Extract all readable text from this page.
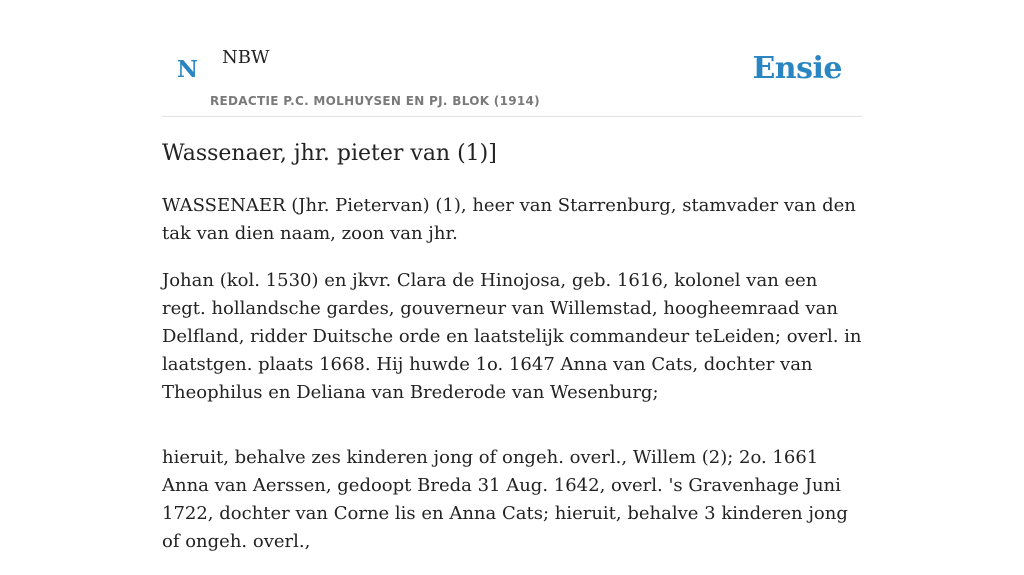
N NBW
REDACTIE P.C. MOLHUYSEN EN PJ. BLOK (1914)
Ensie
Wassenaer, jhr. pieter van (1)]

WASSENAER (Jhr. Pietervan) (1), heer van Starrenburg, stamvader van den tak van dien naam, zoon van jhr.

Johan (kol. 1530) en jkvr. Clara de Hinojosa, geb. 1616, kolonel van een regt. hollandsche gardes, gouverneur van Willemstad, hoogheemraad van Delfland, ridder Duitsche orde en laatstelijk commandeur teLeiden; overl. in laatstgen. plaats 1668. Hij huwde 1o. 1647 Anna van Cats, dochter van Theophilus en Deliana van Brederode van Wesenburg;

hieruit, behalve zes kinderen jong of ongeh. overl., Willem (2); 2o. 1661 Anna van Aerssen, gedoopt Breda 31 Aug. 1642, overl. 's Gravenhage Juni 1722, dochter van Corne lis en Anna Cats; hieruit, behalve 3 kinderen jong of ongeh. overl.,
